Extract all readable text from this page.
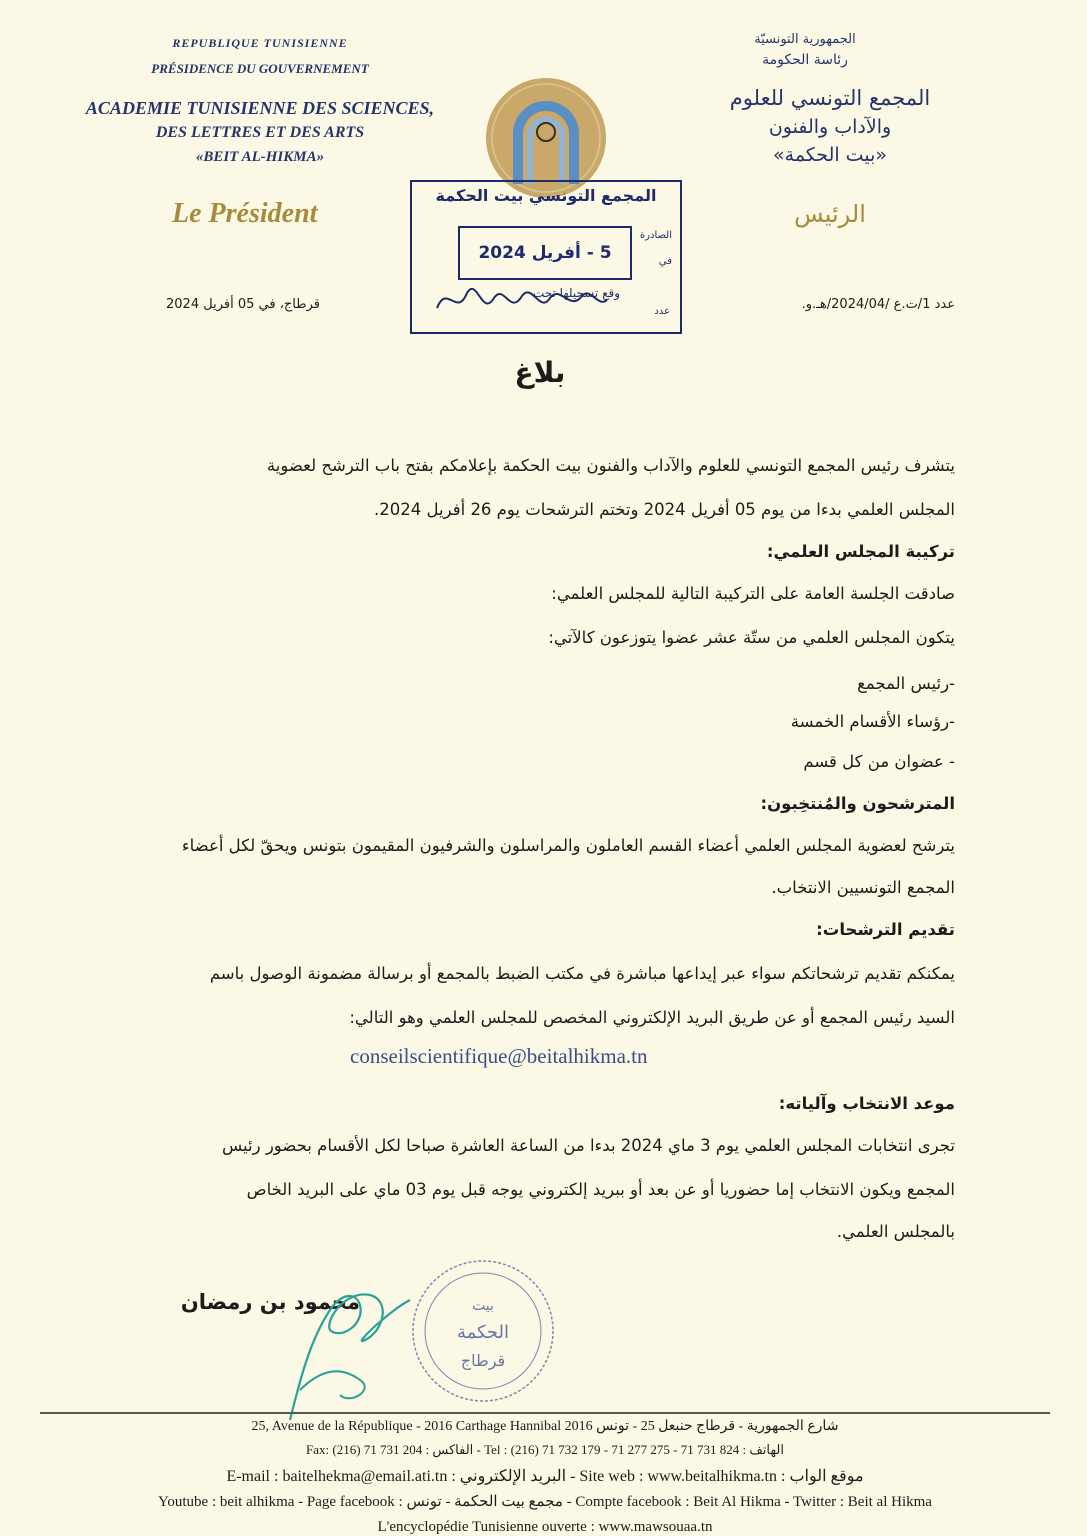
REPUBLIQUE TUNISIENNE
PRÉSIDENCE DU GOUVERNEMENT
ACADEMIE TUNISIENNE DES SCIENCES,
DES LETTRES ET DES ARTS
«BEIT AL-HIKMA»
Le Président
الجمهورية التونسيّة
رئاسة الحكومة
المجمع التونسي للعلوم
والآداب والفنون
«بيت الحكمة»
الرئيس
المجمع التونسي بيت الحكمة
5 - أفريل 2024
الصادرة
في
وقع تسجيلها تحت
عدد	عدد 1/ت.ع /2024/04/هـ.و.
قرطاج، في 05 أفريل 2024
بلاغ
يتشرف رئيس المجمع التونسي للعلوم والآداب والفنون بيت الحكمة بإعلامكم بفتح باب الترشح لعضوية
المجلس العلمي بدءا من يوم 05 أفريل 2024 وتختم الترشحات يوم 26 أفريل 2024.
تركيبة المجلس العلمي:
صادقت الجلسة العامة على التركيبة التالية للمجلس العلمي:
يتكون المجلس العلمي من ستّة عشر عضوا يتوزعون كالآتي:
-رئيس المجمع
-رؤساء الأقسام الخمسة
- عضوان من كل قسم
المترشحون والمُنتخِبون:
يترشح لعضوية المجلس العلمي أعضاء القسم العاملون والمراسلون والشرفيون المقيمون بتونس ويحقّ لكل أعضاء
المجمع التونسيين الانتخاب.
تقديم الترشحات:
يمكنكم تقديم ترشحاتكم سواء عبر إيداعها مباشرة في مكتب الضبط بالمجمع أو برسالة مضمونة الوصول باسم
السيد رئيس المجمع أو عن طريق البريد الإلكتروني المخصص للمجلس العلمي وهو التالي:
conseilscientifique@beitalhikma.tn
موعد الانتخاب وآلياته:
تجرى انتخابات المجلس العلمي يوم 3 ماي 2024 بدءا من الساعة العاشرة صباحا لكل الأقسام بحضور رئيس
المجمع ويكون الانتخاب إما حضوريا أو عن بعد أو ببريد إلكتروني يوجه قبل يوم 03 ماي على البريد الخاص
بالمجلس العلمي.
محمود بن رمضان	بيت
الحكمة
قرطاج
25, Avenue de la République - 2016 Carthage Hannibal 2016 شارع الجمهورية - قرطاج حنبعل 25 - تونس
Fax: (216) 71 731 204 : الفاكس - Tel : (216) 71 732 179 - 71 277 275 - 71 731 824 : الهاتف
E-mail : baitelhekma@email.ati.tn : البريد الإلكتروني - Site web : www.beitalhikma.tn : موقع الواب
Youtube : beit alhikma - Page facebook : مجمع بيت الحكمة - تونس - Compte facebook : Beit Al Hikma - Twitter : Beit al Hikma
L'encyclopédie Tunisienne ouverte : www.mawsouaa.tn
